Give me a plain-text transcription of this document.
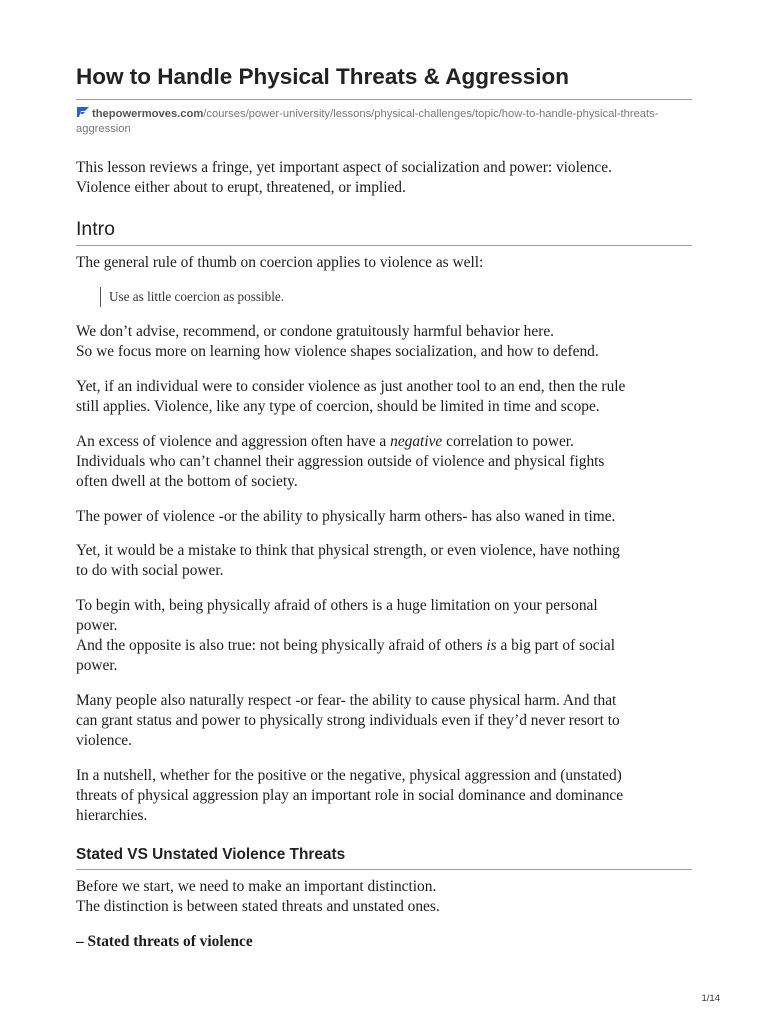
How to Handle Physical Threats & Aggression
thepowermoves.com/courses/power-university/lessons/physical-challenges/topic/how-to-handle-physical-threats-
aggression

This lesson reviews a fringe, yet important aspect of socialization and power: violence.
Violence either about to erupt, threatened, or implied.

Intro

The general rule of thumb on coercion applies to violence as well:

Use as little coercion as possible.

We don’t advise, recommend, or condone gratuitously harmful behavior here.
So we focus more on learning how violence shapes socialization, and how to defend.

Yet, if an individual were to consider violence as just another tool to an end, then the rule
still applies. Violence, like any type of coercion, should be limited in time and scope.

An excess of violence and aggression often have a negative correlation to power.
Individuals who can’t channel their aggression outside of violence and physical fights
often dwell at the bottom of society.

The power of violence -or the ability to physically harm others- has also waned in time.

Yet, it would be a mistake to think that physical strength, or even violence, have nothing
to do with social power.

To begin with, being physically afraid of others is a huge limitation on your personal
power.
And the opposite is also true: not being physically afraid of others is a big part of social
power.

Many people also naturally respect -or fear- the ability to cause physical harm. And that
can grant status and power to physically strong individuals even if they’d never resort to
violence.

In a nutshell, whether for the positive or the negative, physical aggression and (unstated)
threats of physical aggression play an important role in social dominance and dominance
hierarchies.

Stated VS Unstated Violence Threats

Before we start, we need to make an important distinction.
The distinction is between stated threats and unstated ones.

– Stated threats of violence
1/14
